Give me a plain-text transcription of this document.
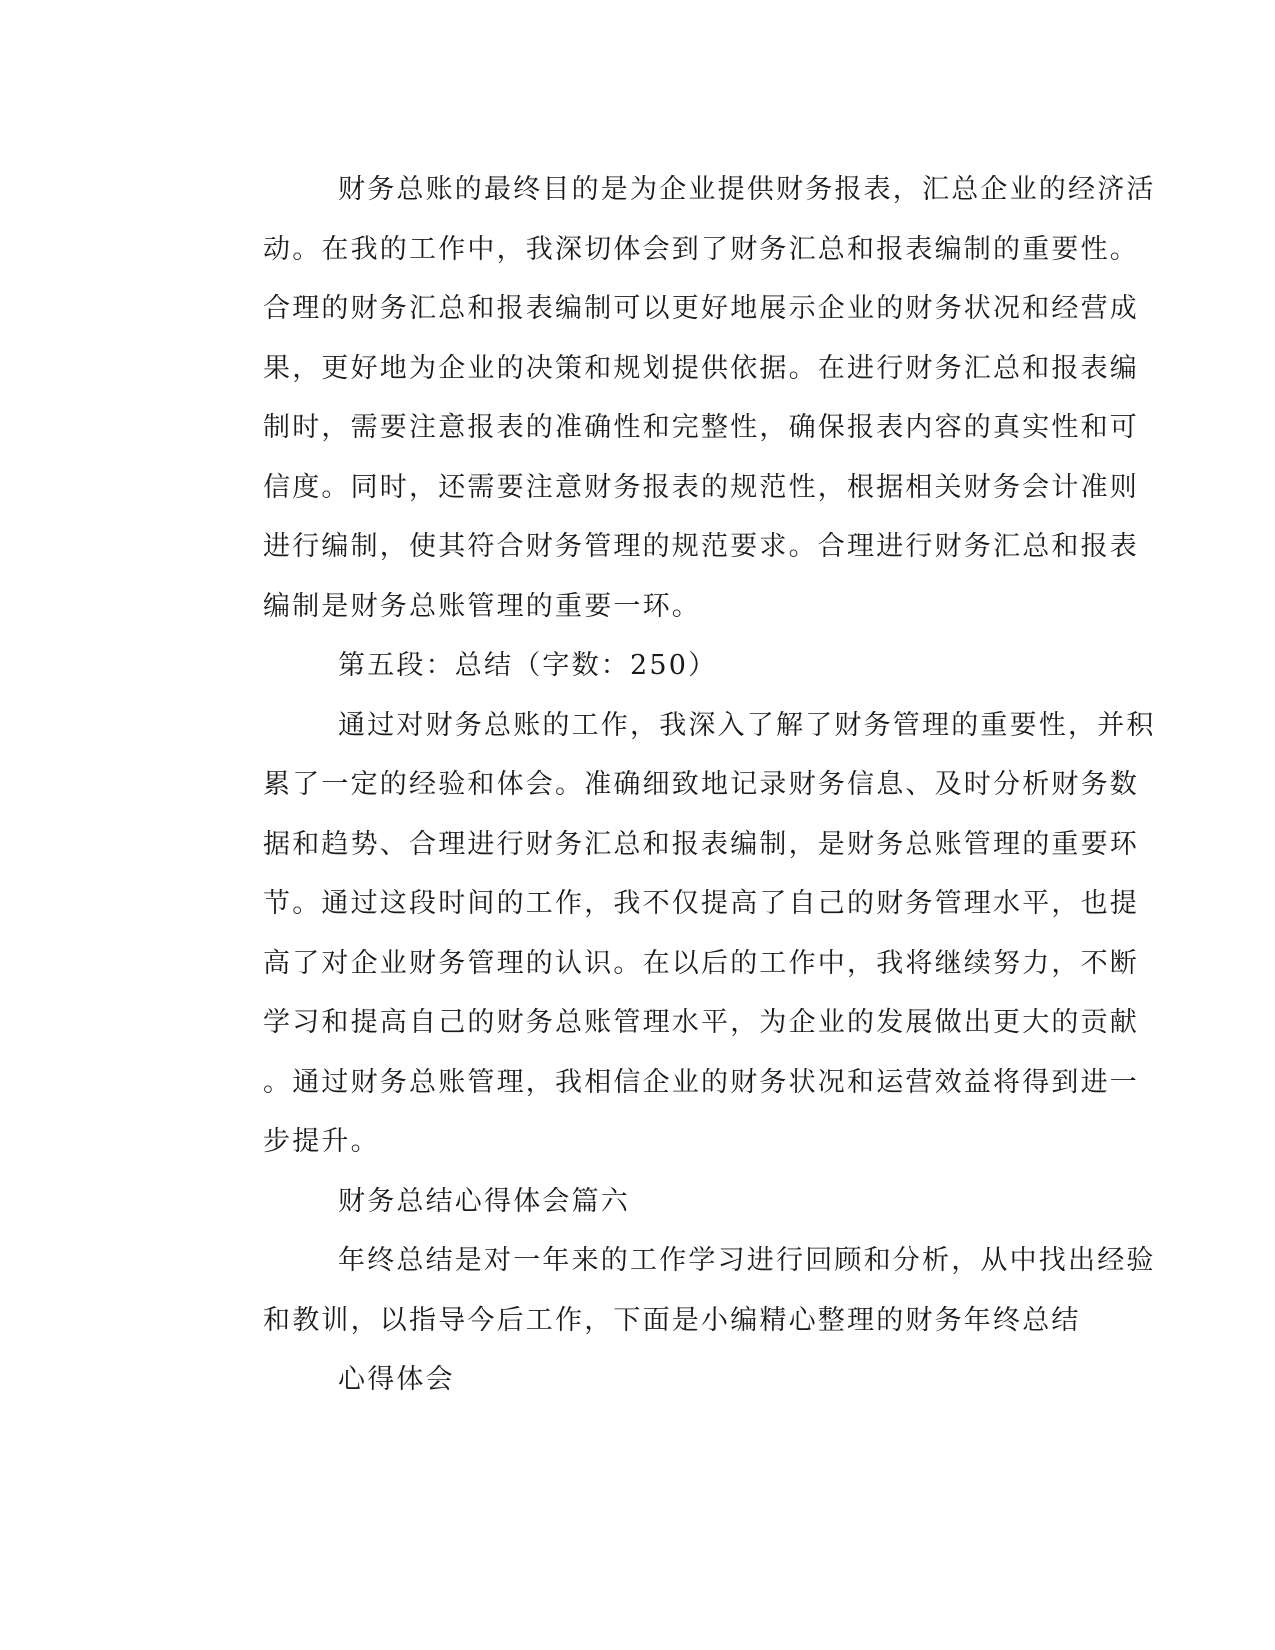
财务总账的最终目的是为企业提供财务报表，汇总企业的经济活
动。在我的工作中，我深切体会到了财务汇总和报表编制的重要性。
合理的财务汇总和报表编制可以更好地展示企业的财务状况和经营成
果，更好地为企业的决策和规划提供依据。在进行财务汇总和报表编
制时，需要注意报表的准确性和完整性，确保报表内容的真实性和可
信度。同时，还需要注意财务报表的规范性，根据相关财务会计准则
进行编制，使其符合财务管理的规范要求。合理进行财务汇总和报表
编制是财务总账管理的重要一环。
第五段：总结（字数：250）
通过对财务总账的工作，我深入了解了财务管理的重要性，并积
累了一定的经验和体会。准确细致地记录财务信息、及时分析财务数
据和趋势、合理进行财务汇总和报表编制，是财务总账管理的重要环
节。通过这段时间的工作，我不仅提高了自己的财务管理水平，也提
高了对企业财务管理的认识。在以后的工作中，我将继续努力，不断
学习和提高自己的财务总账管理水平，为企业的发展做出更大的贡献
。通过财务总账管理，我相信企业的财务状况和运营效益将得到进一
步提升。
财务总结心得体会篇六
年终总结是对一年来的工作学习进行回顾和分析，从中找出经验
和教训，以指导今后工作，下面是小编精心整理的财务年终总结
心得体会
